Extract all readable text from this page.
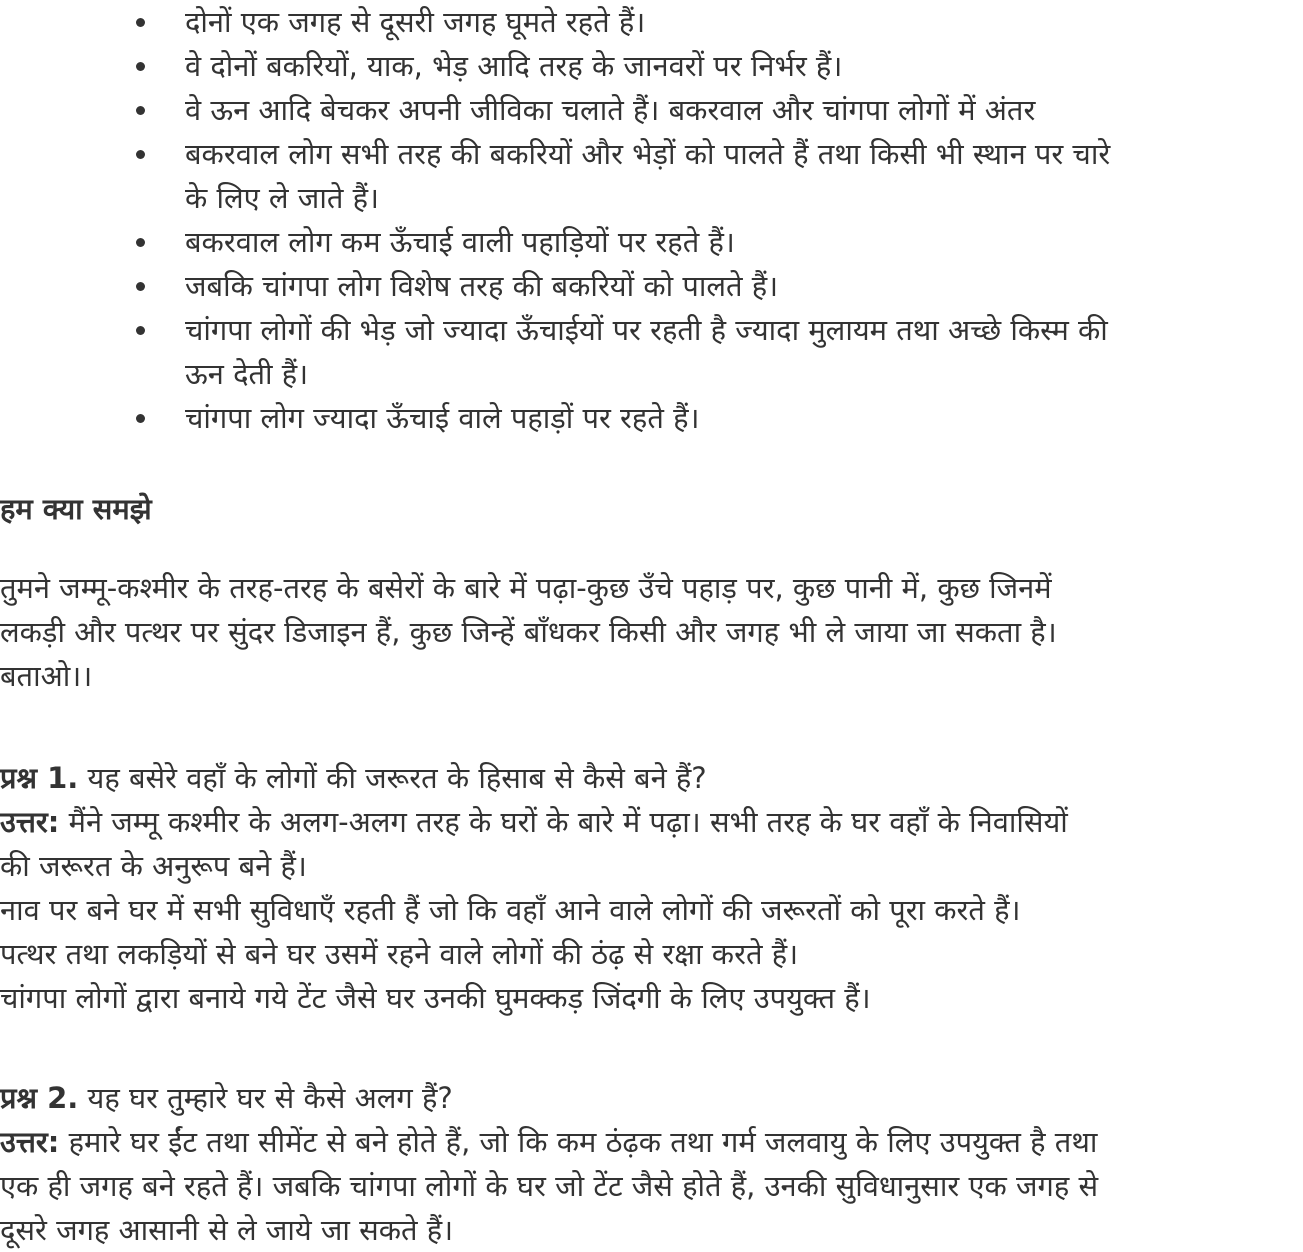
दोनों एक जगह से दूसरी जगह घूमते रहते हैं।
वे दोनों बकरियों, याक, भेड़ आदि तरह के जानवरों पर निर्भर हैं।
वे ऊन आदि बेचकर अपनी जीविका चलाते हैं। बकरवाल और चांगपा लोगों में अंतर
बकरवाल लोग सभी तरह की बकरियों और भेड़ों को पालते हैं तथा किसी भी स्थान पर चारे
के लिए ले जाते हैं।
बकरवाल लोग कम ऊँचाई वाली पहाड़ियों पर रहते हैं।
जबकि चांगपा लोग विशेष तरह की बकरियों को पालते हैं।
चांगपा लोगों की भेड़ जो ज्यादा ऊँचाईयों पर रहती है ज्यादा मुलायम तथा अच्छे किस्म की
ऊन देती हैं।
चांगपा लोग ज्यादा ऊँचाई वाले पहाड़ों पर रहते हैं।
हम क्या समझे
तुमने जम्मू-कश्मीर के तरह-तरह के बसेरों के बारे में पढ़ा-कुछ उँचे पहाड़ पर, कुछ पानी में, कुछ जिनमें
लकड़ी और पत्थर पर सुंदर डिजाइन हैं, कुछ जिन्हें बाँधकर किसी और जगह भी ले जाया जा सकता है।
बताओ।।
प्रश्न 1. यह बसेरे वहाँ के लोगों की जरूरत के हिसाब से कैसे बने हैं?
उत्तर: मैंने जम्मू कश्मीर के अलग-अलग तरह के घरों के बारे में पढ़ा। सभी तरह के घर वहाँ के निवासियों
की जरूरत के अनुरूप बने हैं।
नाव पर बने घर में सभी सुविधाएँ रहती हैं जो कि वहाँ आने वाले लोगों की जरूरतों को पूरा करते हैं।
पत्थर तथा लकड़ियों से बने घर उसमें रहने वाले लोगों की ठंढ़ से रक्षा करते हैं।
चांगपा लोगों द्वारा बनाये गये टेंट जैसे घर उनकी घुमक्कड़ जिंदगी के लिए उपयुक्त हैं।
प्रश्न 2. यह घर तुम्हारे घर से कैसे अलग हैं?
उत्तर: हमारे घर ईंट तथा सीमेंट से बने होते हैं, जो कि कम ठंढ़क तथा गर्म जलवायु के लिए उपयुक्त है तथा
एक ही जगह बने रहते हैं। जबकि चांगपा लोगों के घर जो टेंट जैसे होते हैं, उनकी सुविधानुसार एक जगह से
दूसरे जगह आसानी से ले जाये जा सकते हैं।
